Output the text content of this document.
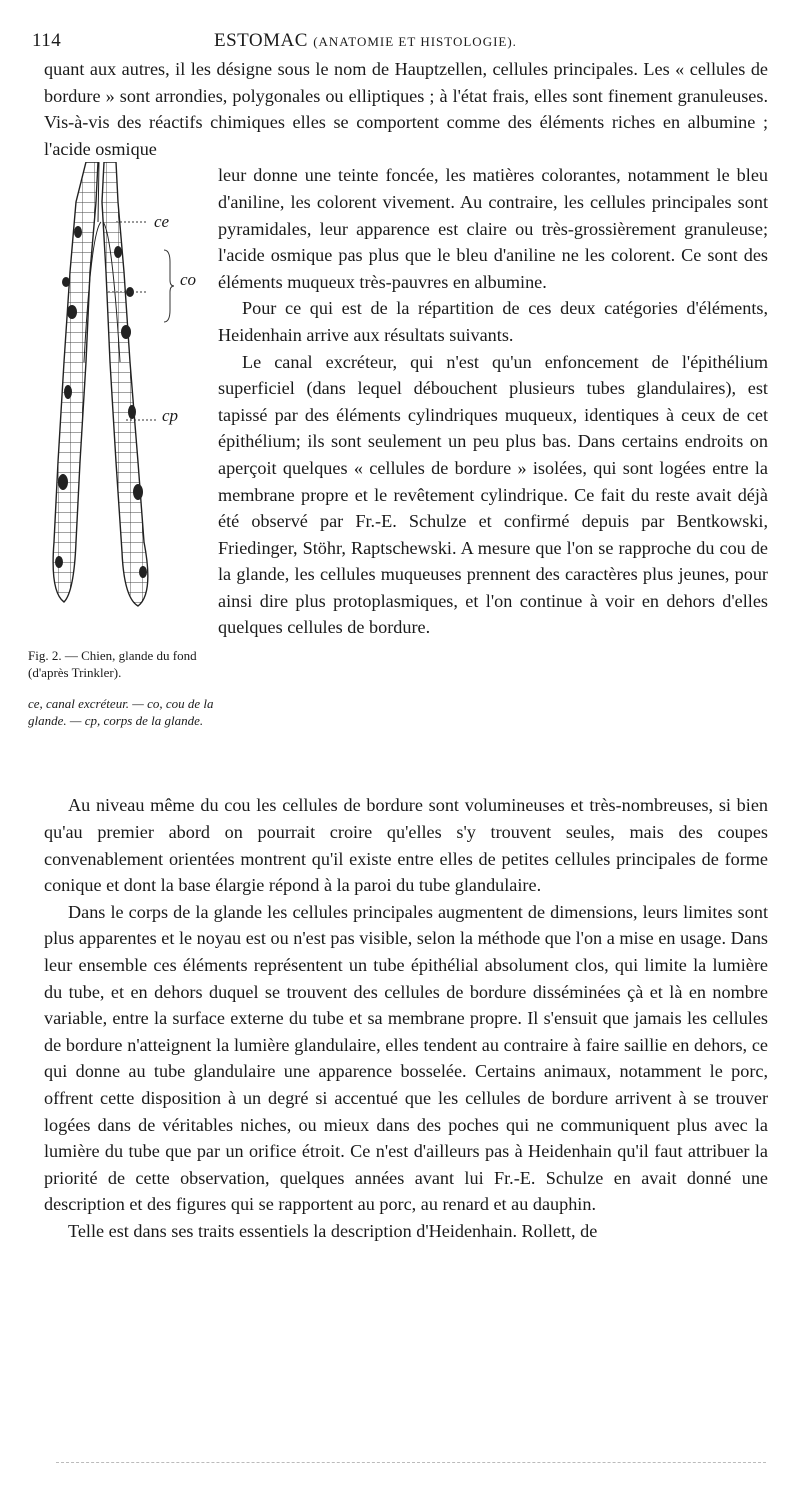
114	ESTOMAC (ANATOMIE ET HISTOLOGIE).

quant aux autres, il les désigne sous le nom de Hauptzellen, cellules principales. Les « cellules de bordure » sont arrondies, polygonales ou elliptiques ; à l'état frais, elles sont finement granuleuses. Vis-à-vis des réactifs chimiques elles se comportent comme des éléments riches en albumine ; l'acide osmique

ce
co
cp
Fig. 2. — Chien, glande du fond (d'après Trinkler).
ce, canal excréteur. — co, cou de la glande. — cp, corps de la glande.

leur donne une teinte foncée, les matières colorantes, notamment le bleu d'aniline, les colorent vivement. Au contraire, les cellules principales sont pyramidales, leur apparence est claire ou très-grossièrement granuleuse; l'acide osmique pas plus que le bleu d'aniline ne les colorent. Ce sont des éléments muqueux très-pauvres en albumine.

Pour ce qui est de la répartition de ces deux catégories d'éléments, Heidenhain arrive aux résultats suivants.

Le canal excréteur, qui n'est qu'un enfoncement de l'épithélium superficiel (dans lequel débouchent plusieurs tubes glandulaires), est tapissé par des éléments cylindriques muqueux, identiques à ceux de cet épithélium; ils sont seulement un peu plus bas. Dans certains endroits on aperçoit quelques « cellules de bordure » isolées, qui sont logées entre la membrane propre et le revêtement cylindrique. Ce fait du reste avait déjà été observé par Fr.-E. Schulze et confirmé depuis par Bentkowski, Friedinger, Stöhr, Raptschewski. A mesure que l'on se rapproche du cou de la glande, les cellules muqueuses prennent des caractères plus jeunes, pour ainsi dire plus protoplasmiques, et l'on continue à voir en dehors d'elles quelques cellules de bordure.

Au niveau même du cou les cellules de bordure sont volumineuses et très-nombreuses, si bien qu'au premier abord on pourrait croire qu'elles s'y trouvent seules, mais des coupes convenablement orientées montrent qu'il existe entre elles de petites cellules principales de forme conique et dont la base élargie répond à la paroi du tube glandulaire.

Dans le corps de la glande les cellules principales augmentent de dimensions, leurs limites sont plus apparentes et le noyau est ou n'est pas visible, selon la méthode que l'on a mise en usage. Dans leur ensemble ces éléments représentent un tube épithélial absolument clos, qui limite la lumière du tube, et en dehors duquel se trouvent des cellules de bordure disséminées çà et là en nombre variable, entre la surface externe du tube et sa membrane propre. Il s'ensuit que jamais les cellules de bordure n'atteignent la lumière glandulaire, elles tendent au contraire à faire saillie en dehors, ce qui donne au tube glandulaire une apparence bosselée. Certains animaux, notamment le porc, offrent cette disposition à un degré si accentué que les cellules de bordure arrivent à se trouver logées dans de véritables niches, ou mieux dans des poches qui ne communiquent plus avec la lumière du tube que par un orifice étroit. Ce n'est d'ailleurs pas à Heidenhain qu'il faut attribuer la priorité de cette observation, quelques années avant lui Fr.-E. Schulze en avait donné une description et des figures qui se rapportent au porc, au renard et au dauphin.

Telle est dans ses traits essentiels la description d'Heidenhain. Rollett, de
